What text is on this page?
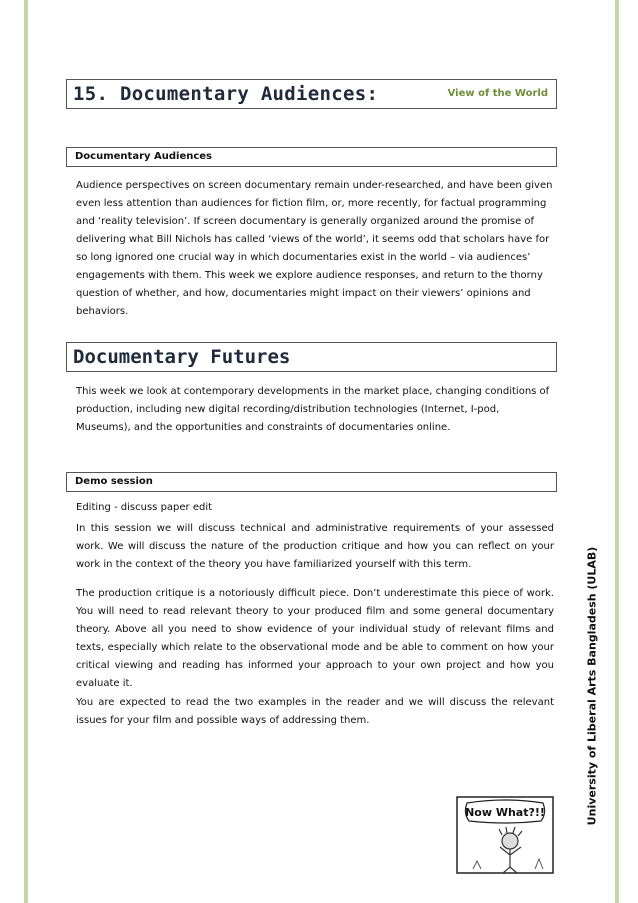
15. Documentary Audiences:	View of the World
Documentary Audiences

Audience perspectives on screen documentary remain under-researched, and have been given even less attention than audiences for fiction film, or, more recently, for factual programming and ‘reality television’. If screen documentary is generally organized around the promise of delivering what Bill Nichols has called ‘views of the world’, it seems odd that scholars have for so long ignored one crucial way in which documentaries exist in the world – via audiences’ engagements with them. This week we explore audience responses, and return to the thorny question of whether, and how, documentaries might impact on their viewers’ opinions and behaviors.

Documentary Futures

This week we look at contemporary developments in the market place, changing conditions of production, including new digital recording/distribution technologies (Internet, I-pod, Museums), and the opportunities and constraints of documentaries online.

Demo session

Editing - discuss paper edit

In this session we will discuss technical and administrative requirements of your assessed work. We will discuss the nature of the production critique and how you can reflect on your work in the context of the theory you have familiarized yourself with this term.

The production critique is a notoriously difficult piece. Don’t underestimate this piece of work. You will need to read relevant theory to your produced film and some general documentary theory. Above all you need to show evidence of your individual study of relevant films and texts, especially which relate to the observational mode and be able to comment on how your critical viewing and reading has informed your approach to your own project and how you evaluate it.

You are expected to read the two examples in the reader and we will discuss the relevant issues for your film and possible ways of addressing them.	University of Liberal Arts Bangladesh (ULAB)
Now What?!!
